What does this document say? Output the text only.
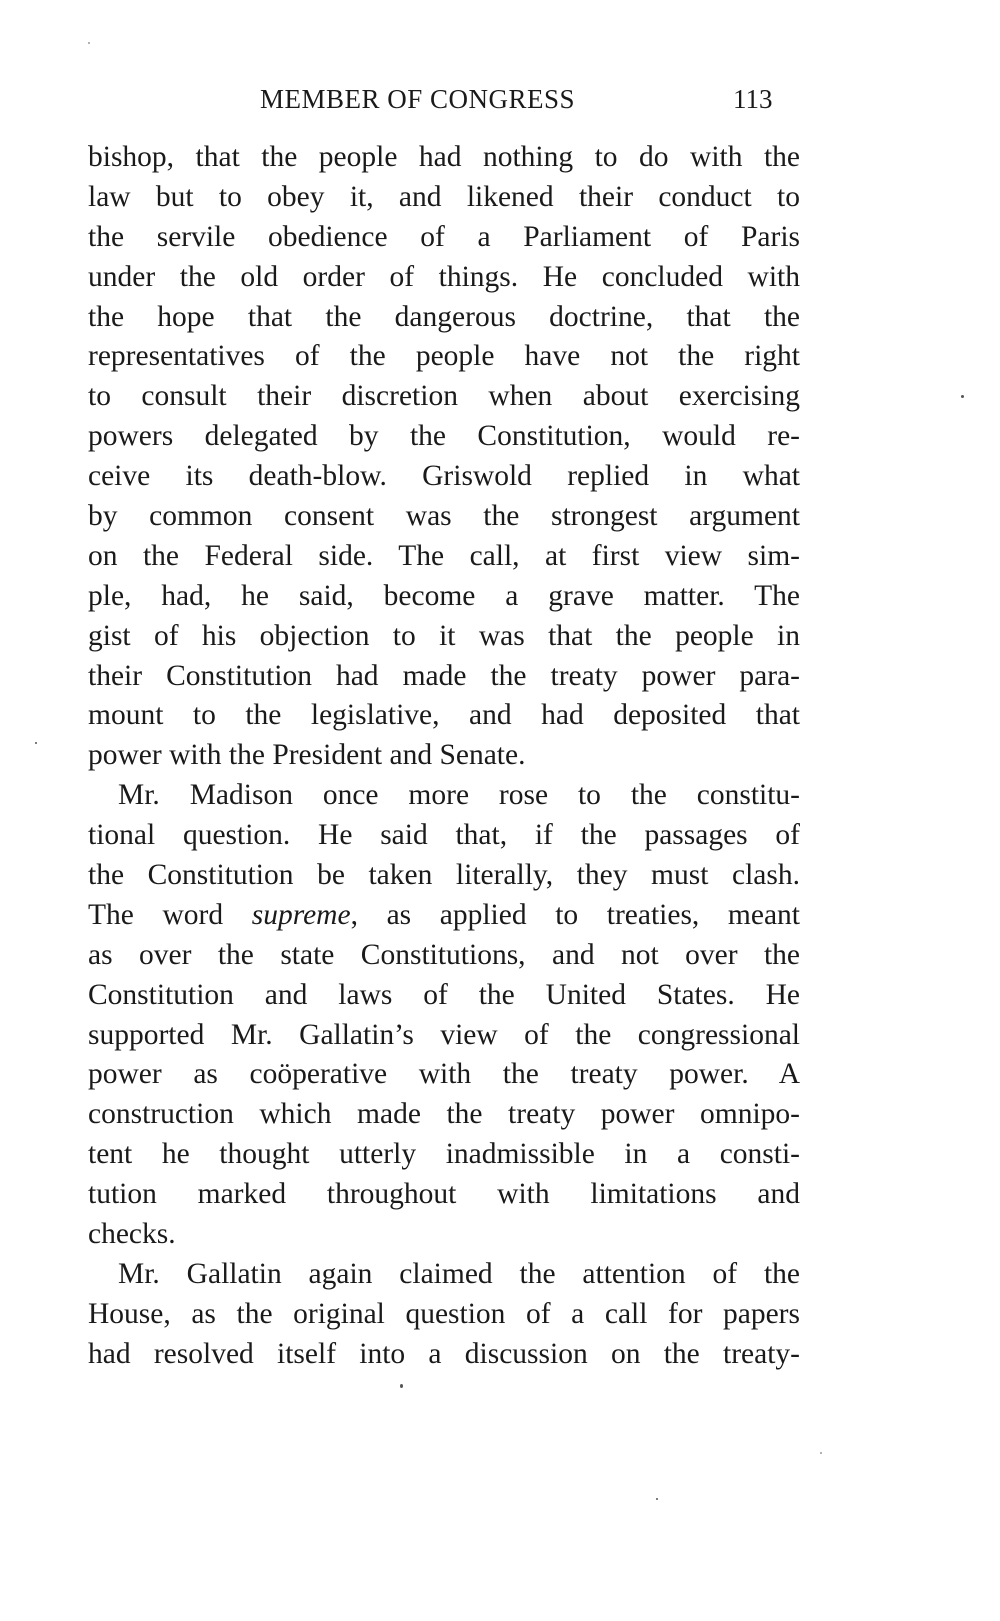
MEMBER OF CONGRESS	113
bishop, that the people had nothing to do with the
law but to obey it, and likened their conduct to
the servile obedience of a Parliament of Paris
under the old order of things. He concluded with
the hope that the dangerous doctrine, that the
representatives of the people have not the right
to consult their discretion when about exercising
powers delegated by the Constitution, would re-
ceive its death-blow. Griswold replied in what
by common consent was the strongest argument
on the Federal side. The call, at first view sim-
ple, had, he said, become a grave matter. The
gist of his objection to it was that the people in
their Constitution had made the treaty power para-
mount to the legislative, and had deposited that
power with the President and Senate.
Mr. Madison once more rose to the constitu-
tional question. He said that, if the passages of
the Constitution be taken literally, they must clash.
The word supreme, as applied to treaties, meant
as over the state Constitutions, and not over the
Constitution and laws of the United States. He
supported Mr. Gallatin’s view of the congressional
power as coöperative with the treaty power. A
construction which made the treaty power omnipo-
tent he thought utterly inadmissible in a consti-
tution marked throughout with limitations and
checks.
Mr. Gallatin again claimed the attention of the
House, as the original question of a call for papers
had resolved itself into a discussion on the treaty-
